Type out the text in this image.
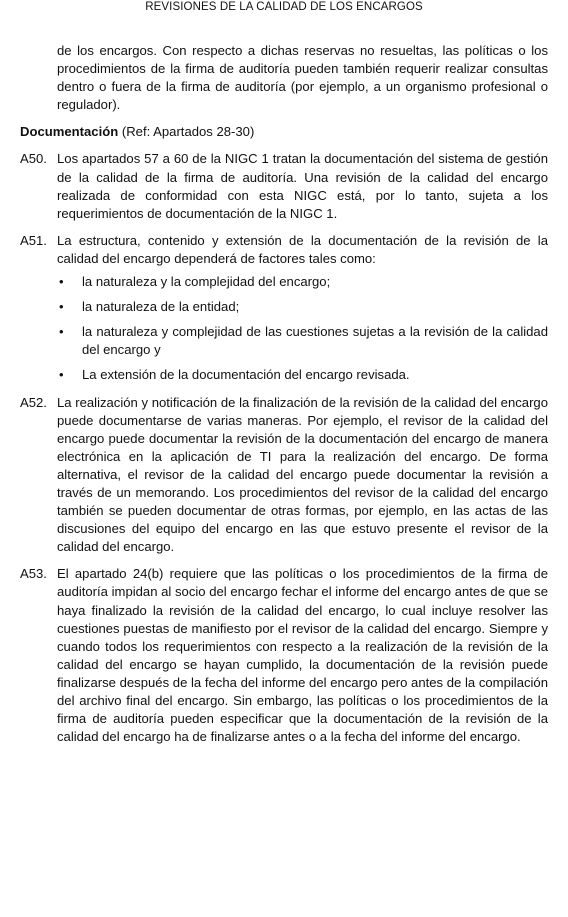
REVISIONES DE LA CALIDAD DE LOS ENCARGOS

de los encargos. Con respecto a dichas reservas no resueltas, las políticas o los procedimientos de la firma de auditoría pueden también requerir realizar consultas dentro o fuera de la firma de auditoría (por ejemplo, a un organismo profesional o regulador).

Documentación (Ref: Apartados 28-30)

A50. Los apartados 57 a 60 de la NIGC 1 tratan la documentación del sistema de gestión de la calidad de la firma de auditoría. Una revisión de la calidad del encargo realizada de conformidad con esta NIGC está, por lo tanto, sujeta a los requerimientos de documentación de la NIGC 1.
A51. La estructura, contenido y extensión de la documentación de la revisión de la calidad del encargo dependerá de factores tales como:
• la naturaleza y la complejidad del encargo;
• la naturaleza de la entidad;
• la naturaleza y complejidad de las cuestiones sujetas a la revisión de la calidad del encargo y
• La extensión de la documentación del encargo revisada.
A52. La realización y notificación de la finalización de la revisión de la calidad del encargo puede documentarse de varias maneras. Por ejemplo, el revisor de la calidad del encargo puede documentar la revisión de la documentación del encargo de manera electrónica en la aplicación de TI para la realización del encargo. De forma alternativa, el revisor de la calidad del encargo puede documentar la revisión a través de un memorando. Los procedimientos del revisor de la calidad del encargo también se pueden documentar de otras formas, por ejemplo, en las actas de las discusiones del equipo del encargo en las que estuvo presente el revisor de la calidad del encargo.
A53. El apartado 24(b) requiere que las políticas o los procedimientos de la firma de auditoría impidan al socio del encargo fechar el informe del encargo antes de que se haya finalizado la revisión de la calidad del encargo, lo cual incluye resolver las cuestiones puestas de manifiesto por el revisor de la calidad del encargo. Siempre y cuando todos los requerimientos con respecto a la realización de la revisión de la calidad del encargo se hayan cumplido, la documentación de la revisión puede finalizarse después de la fecha del informe del encargo pero antes de la compilación del archivo final del encargo. Sin embargo, las políticas o los procedimientos de la firma de auditoría pueden especificar que la documentación de la revisión de la calidad del encargo ha de finalizarse antes o a la fecha del informe del encargo.
